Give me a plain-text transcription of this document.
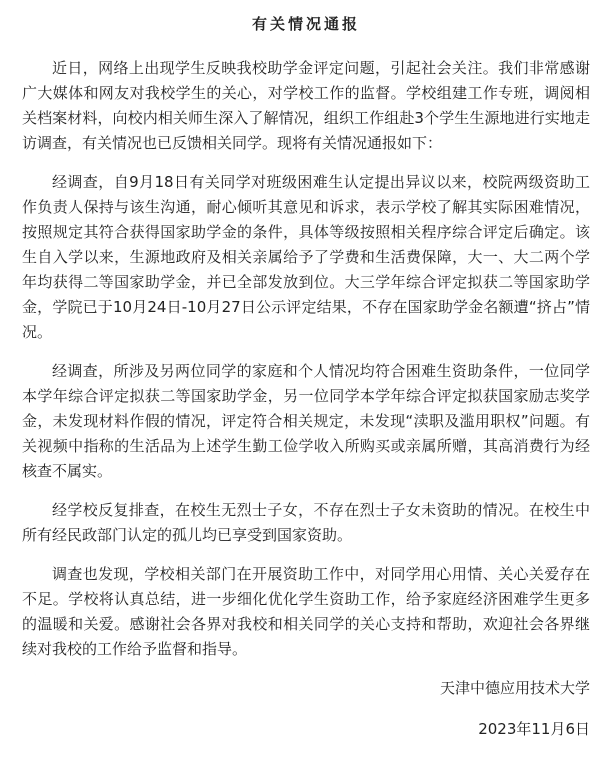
有关情况通报

近日，网络上出现学生反映我校助学金评定问题，引起社会关注。我们非常感谢广大媒体和网友对我校学生的关心，对学校工作的监督。学校组建工作专班，调阅相关档案材料，向校内相关师生深入了解情况，组织工作组赴3个学生生源地进行实地走访调查，有关情况也已反馈相关同学。现将有关情况通报如下：

经调查，自9月18日有关同学对班级困难生认定提出异议以来，校院两级资助工作负责人保持与该生沟通，耐心倾听其意见和诉求，表示学校了解其实际困难情况，按照规定其符合获得国家助学金的条件，具体等级按照相关程序综合评定后确定。该生自入学以来，生源地政府及相关亲属给予了学费和生活费保障，大一、大二两个学年均获得二等国家助学金，并已全部发放到位。大三学年综合评定拟获二等国家助学金，学院已于10月24日-10月27日公示评定结果，不存在国家助学金名额遭“挤占”情况。

经调查，所涉及另两位同学的家庭和个人情况均符合困难生资助条件，一位同学本学年综合评定拟获二等国家助学金，另一位同学本学年综合评定拟获国家励志奖学金，未发现材料作假的情况，评定符合相关规定，未发现“渎职及滥用职权”问题。有关视频中指称的生活品为上述学生勤工俭学收入所购买或亲属所赠，其高消费行为经核查不属实。

经学校反复排查，在校生无烈士子女，不存在烈士子女未资助的情况。在校生中所有经民政部门认定的孤儿均已享受到国家资助。

调查也发现，学校相关部门在开展资助工作中，对同学用心用情、关心关爱存在不足。学校将认真总结，进一步细化优化学生资助工作，给予家庭经济困难学生更多的温暖和关爱。感谢社会各界对我校和相关同学的关心支持和帮助，欢迎社会各界继续对我校的工作给予监督和指导。

天津中德应用技术大学
2023年11月6日
